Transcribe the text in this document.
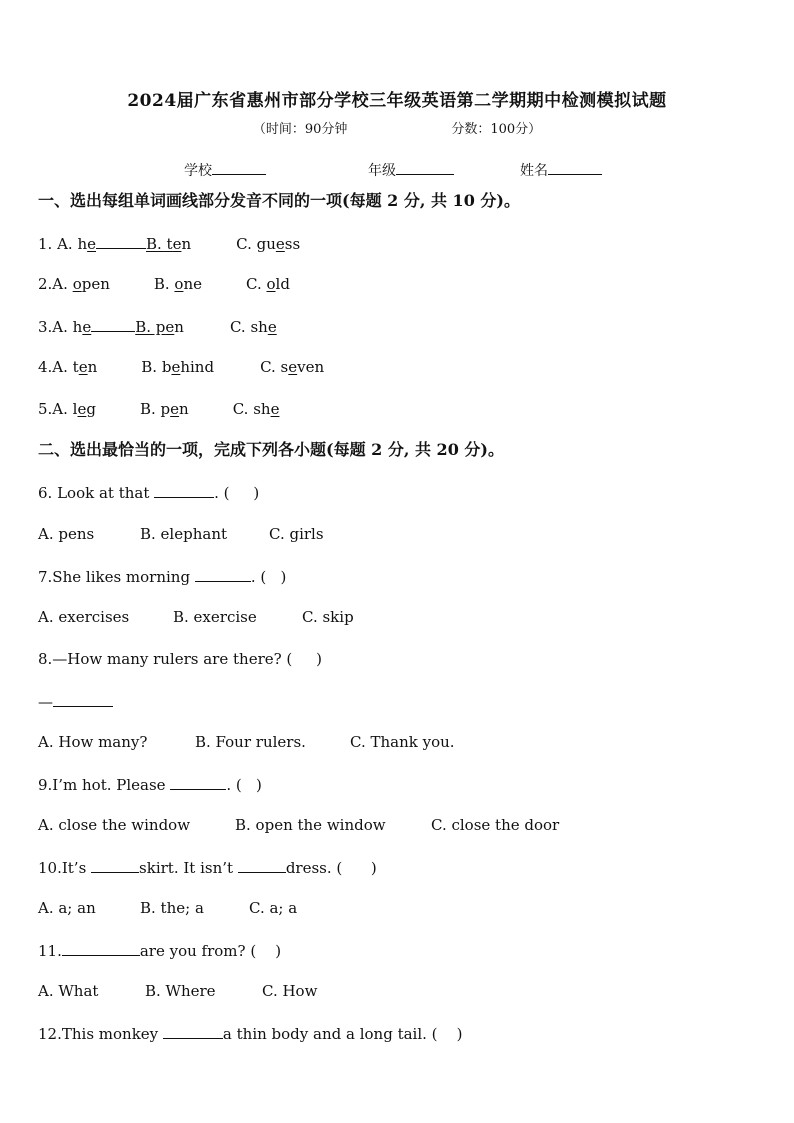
2024届广东省惠州市部分学校三年级英语第二学期期中检测模拟试题
（时间：90分钟	分数：100分）
学校	年级	姓名
一、选出每组单词画线部分发音不同的一项(每题 2 分, 共 10 分)。
1. A. he	B. ten	C. guess
2.A. open	B. one	C. old
3.A. he	B. pen	C. she
4.A. ten	B. behind	C. seven
5.A. leg	B. pen	C. she
二、选出最恰当的一项，完成下列各小题(每题 2 分, 共 20 分)。
6. Look at that	. (     )
A. pens	B. elephant	C. girls
7.She likes morning	. (   )
A. exercises	B. exercise	C. skip
8.—How many rulers are there? (     )
—
A. How many?	B. Four rulers.	C. Thank you.
9.I’m hot. Please	. (   )
A. close the window	B. open the window	C. close the door
10.It’s	skirt. It isn’t	dress. (      )
A. a; an	B. the; a	C. a; a
11.	are you from? (    )
A. What	B. Where	C. How
12.This monkey	a thin body and a long tail. (    )
